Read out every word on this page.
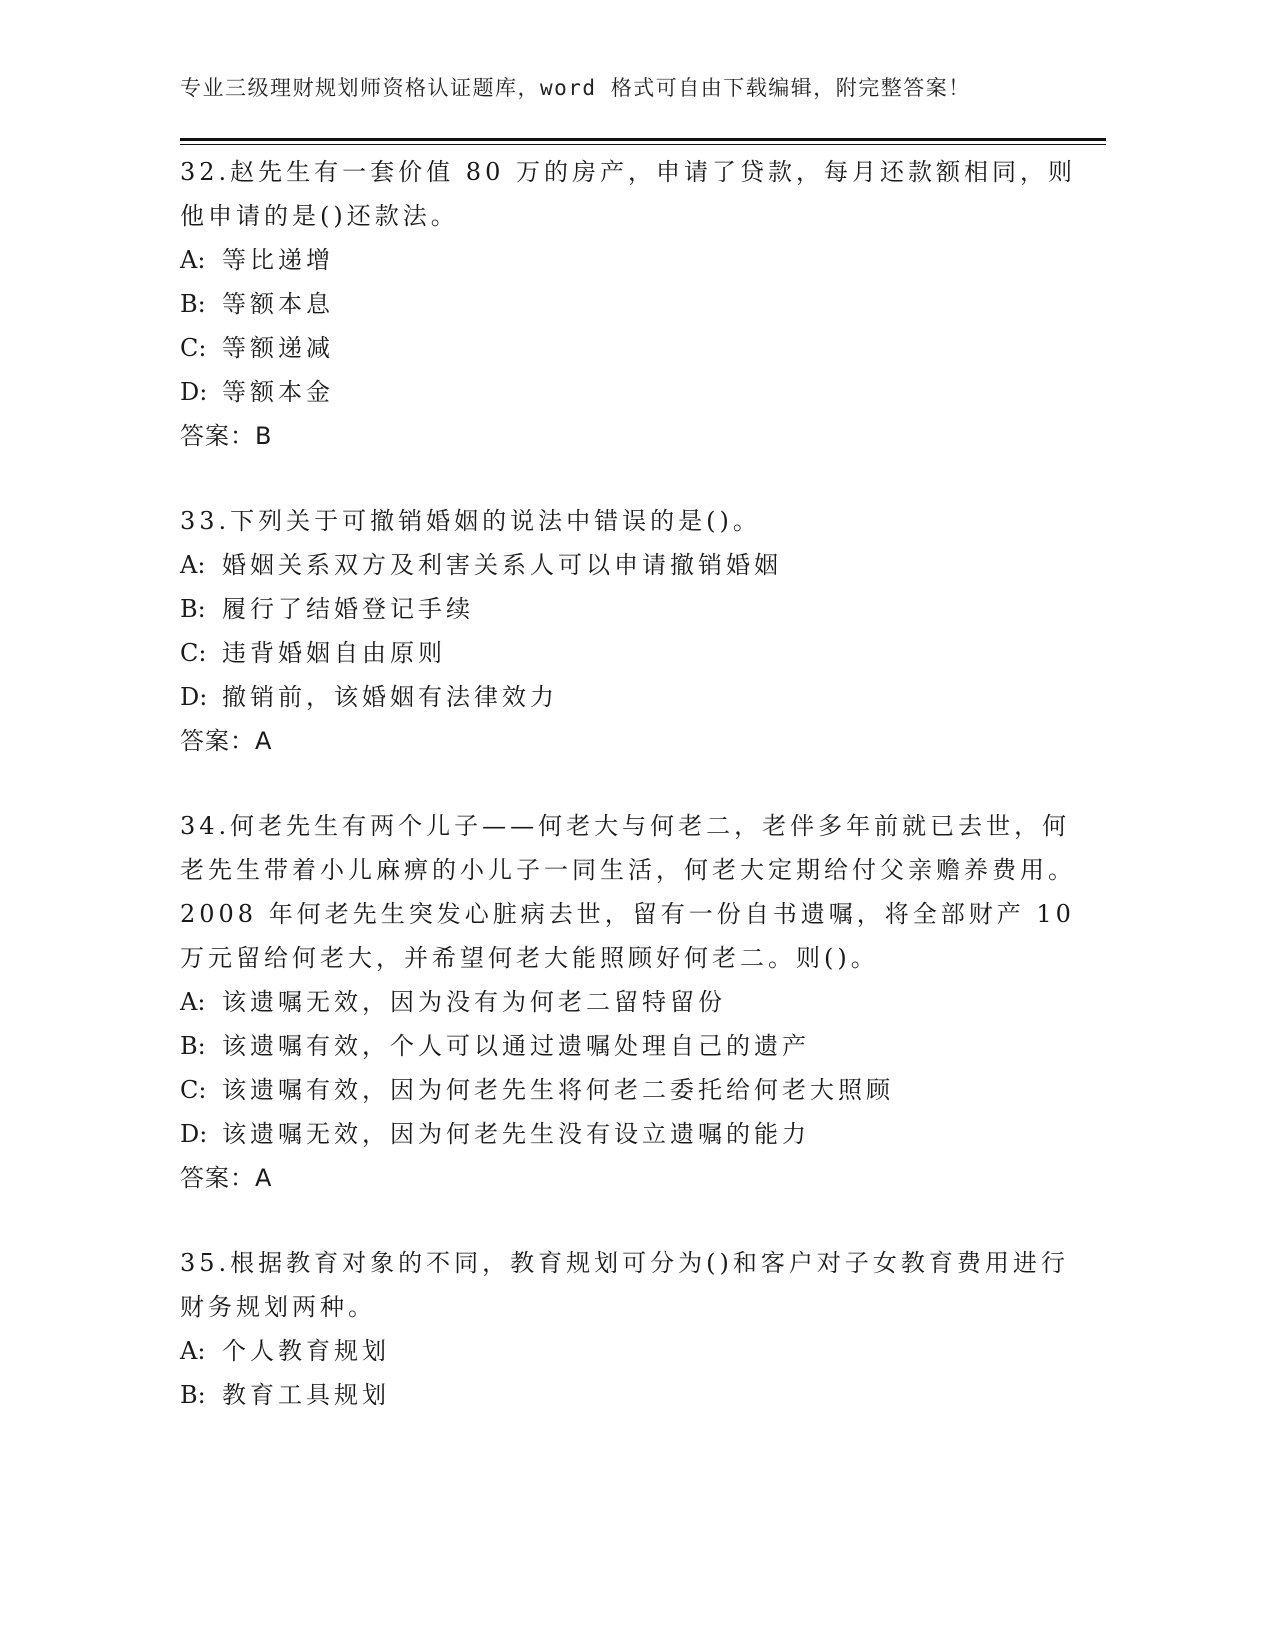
专业三级理财规划师资格认证题库，word 格式可自由下载编辑，附完整答案！

32.赵先生有一套价值 80 万的房产，申请了贷款，每月还款额相同，则他申请的是()还款法。

A: 等比递增

B: 等额本息

C: 等额递减

D: 等额本金

答案：B

33.下列关于可撤销婚姻的说法中错误的是()。

A: 婚姻关系双方及利害关系人可以申请撤销婚姻

B: 履行了结婚登记手续

C: 违背婚姻自由原则

D: 撤销前，该婚姻有法律效力

答案：A

34.何老先生有两个儿子——何老大与何老二，老伴多年前就已去世，何老先生带着小儿麻痹的小儿子一同生活，何老大定期给付父亲赡养费用。2008 年何老先生突发心脏病去世，留有一份自书遗嘱，将全部财产 10 万元留给何老大，并希望何老大能照顾好何老二。则()。

A: 该遗嘱无效，因为没有为何老二留特留份

B: 该遗嘱有效，个人可以通过遗嘱处理自己的遗产

C: 该遗嘱有效，因为何老先生将何老二委托给何老大照顾

D: 该遗嘱无效，因为何老先生没有设立遗嘱的能力

答案：A

35.根据教育对象的不同，教育规划可分为()和客户对子女教育费用进行财务规划两种。

A: 个人教育规划

B: 教育工具规划
